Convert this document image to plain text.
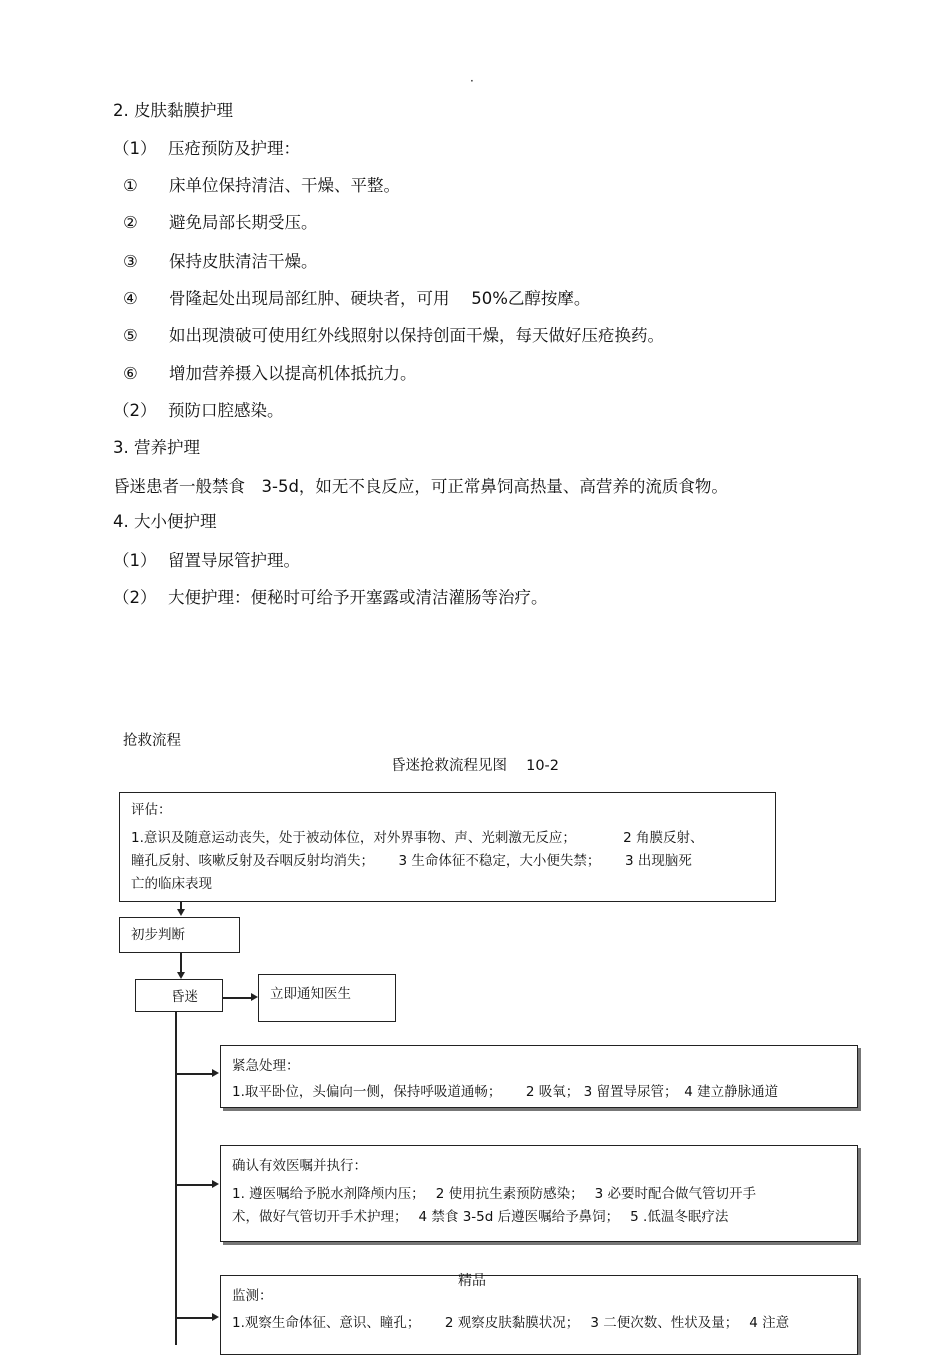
·
2. 皮肤黏膜护理
（1） 压疮预防及护理：
① 床单位保持清洁、干燥、平整。
② 避免局部长期受压。
③ 保持皮肤清洁干燥。
④ 骨隆起处出现局部红肿、硬块者，可用　 50%乙醇按摩。
⑤ 如出现溃破可使用红外线照射以保持创面干燥，每天做好压疮换药。
⑥ 增加营养摄入以提高机体抵抗力。
（2） 预防口腔感染。
3. 营养护理
昏迷患者一般禁食　3-5d，如无不良反应，可正常鼻饲高热量、高营养的流质食物。
4. 大小便护理
（1） 留置导尿管护理。
（2） 大便护理：便秘时可给予开塞露或清洁灌肠等治疗。
抢救流程
昏迷抢救流程见图　 10-2
评估：
1.意识及随意运动丧失，处于被动体位，对外界事物、声、光刺激无反应；　　　　2 角膜反射、
瞳孔反射、咳嗽反射及吞咽反射均消失；　　 3 生命体征不稳定，大小便失禁；　　 3 出现脑死
亡的临床表现
初步判断
昏迷	立即通知医生
紧急处理：
1.取平卧位，头偏向一侧，保持呼吸道通畅；　　 2 吸氧； 3 留置导尿管；　4 建立静脉通道
确认有效医嘱并执行：
1. 遵医嘱给予脱水剂降颅内压；　 2 使用抗生素预防感染；　 3 必要时配合做气管切开手
术，做好气管切开手术护理；　 4 禁食 3-5d 后遵医嘱给予鼻饲；　 5 .低温冬眠疗法
监测：
1.观察生命体征、意识、瞳孔；　　 2 观察皮肤黏膜状况；　 3 二便次数、性状及量；　 4 注意
精品
